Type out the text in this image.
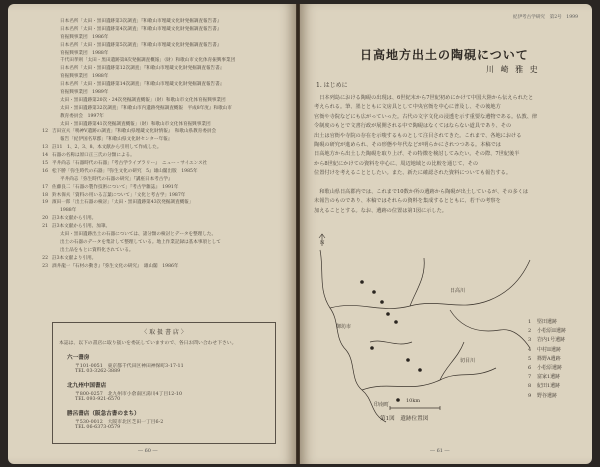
日本名所「太田・黒田遺跡第3次調査」『和歌山市埋蔵文化財発掘調査報告書』
日本名所「太田・黒田遺跡第4次調査」『和歌山市埋蔵文化財発掘調査報告書』
育振興事業団　1986年
日本名所「太田・黒田遺跡第5次調査」『和歌山市埋蔵文化財発掘調査報告書』
育振興事業団　1988年
千代田孝則「太田・黒田遺跡第8次発掘調査概報」（財）和歌山市文化体育振興事業団
日本名所「太田・黒田遺跡第12次調査」『和歌山市埋蔵文化財発掘調査報告書』
育振興事業団　1988年
日本名所「太田・黒田遺跡第14次調査」『和歌山市埋蔵文化財発掘調査報告書』
育振興事業団　1989年
太田・黒田遺跡第20次・24次発掘調査概報」（財）和歌山市文化体育振興事業団
太田・黒田遺跡第32次調査」『和歌山市内遺跡発掘調査概報　平成8年度』和歌山市
教育委員会　1997年
太田・黒田遺跡第41次発掘調査概報」（財）和歌山市文化体育振興事業団
12 吉田宣夫「鳴神V遺跡の調査」『和歌山県埋蔵文化財情報』　和歌山県教育委員会
報告「紀伊国名草郡」『和歌山県文化財センター年報』
13 註11　1、2、3、8、本文献から引用して作成した。
14 石器の名称は原口正三氏の分類による。
15 平井尚志「石器時代の石器」『考古学ライブラリー』　ニュー・サイエンス社
16 松下勝「弥生時代の石器」『弥生文化の研究　5』雄山閣出版　1985年
平井尚志「弥生時代の石器の研究」『講座日本考古学』
17 佐藤良二「石器の製作技術について」『考古学雑誌』　1991年
18 鈴木保夫「資料の用いる言葉について」「文化と考古学」1987年
19 濱田一郎「出土石器の検討」「太田・黒田遺跡第43次発掘調査概報」
1988年
20 註3本文献から引用。
21 註3本文献から引用、加筆。
太田・黒田遺跡出土の石器については、諸分類の検討とデータを整理した。
出土の石器のデータを集計して整理している。地上作業記録は基本事項として
出土品をもとに資料化されている。
22 註3本文献より引用。
23 酒井龍一『石材の動き』『弥生文化の研究』　雄山閣　1986年
〈 取 扱 書 店 〉
本誌は、以下の書店に取り扱いを委託していますので、各日お問い合わせ下さい。
六一書房
〒101-0051　東京都千代田区神田神保町3-17-11
TEL 03-3262-3889
北九州中国書店
〒800-0257　北九州市小倉南区湯川4丁目12-10
TEL 093-921-6570
勝呂書店（阪急古書のまち）
〒530-0012　大阪市北区芝田一丁目6-2
TEL 06-6373-0579
― 60 ―
紀伊考古学研究　第2号　1999
日高地方出土の陶硯について
川 崎 雅 史
1. はじめに
　日本列島における陶硯の出現は、6世紀末から7世紀初めにかけて中国大陸から伝えられたと
考えられる。筆、墨とともに文房具として中央官衙を中心に普及し、その後地方
官衙や寺院などにも広がっていった。古代の文字文化の浸透を示す重要な遺物である。仏教、律
令制度のもとで文書行政が展開される中で陶硯はなくてはならない道具であり、その
出土は官衙や寺院の存在を示唆するものとして注目されてきた。これまで、各地における
陶硯の研究が進められ、その形態や年代などが明らかにされつつある。本稿では
日高地方から出土した陶硯を取り上げ、その特徴を検討してみたい。その際、7世紀後半
から8世紀にかけての資料を中心に、周辺地域との比較を通じて、その
位置付けを考えることとしたい。また、新たに確認された資料についても報告する。
　和歌山県日高郡内では、これまで10数か所の遺跡から陶硯が出土しているが、その多くは
未報告のものであり、本稿ではそれらの資料を集成するとともに、若干の考察を
加えることとする。なお、遺跡の位置は第1図に示した。
― 61 ―
N
日高川
切目川
御坊市
印南町
10km
1 堅田遺跡
2 小松原II遺跡
3 岩内1号遺跡
4 中村II遺跡
5 篠野A遺跡
6 小松原遺跡
7 富家1遺跡
8 紀田1遺跡
9 野谷遺跡
第1図　遺跡位置図
